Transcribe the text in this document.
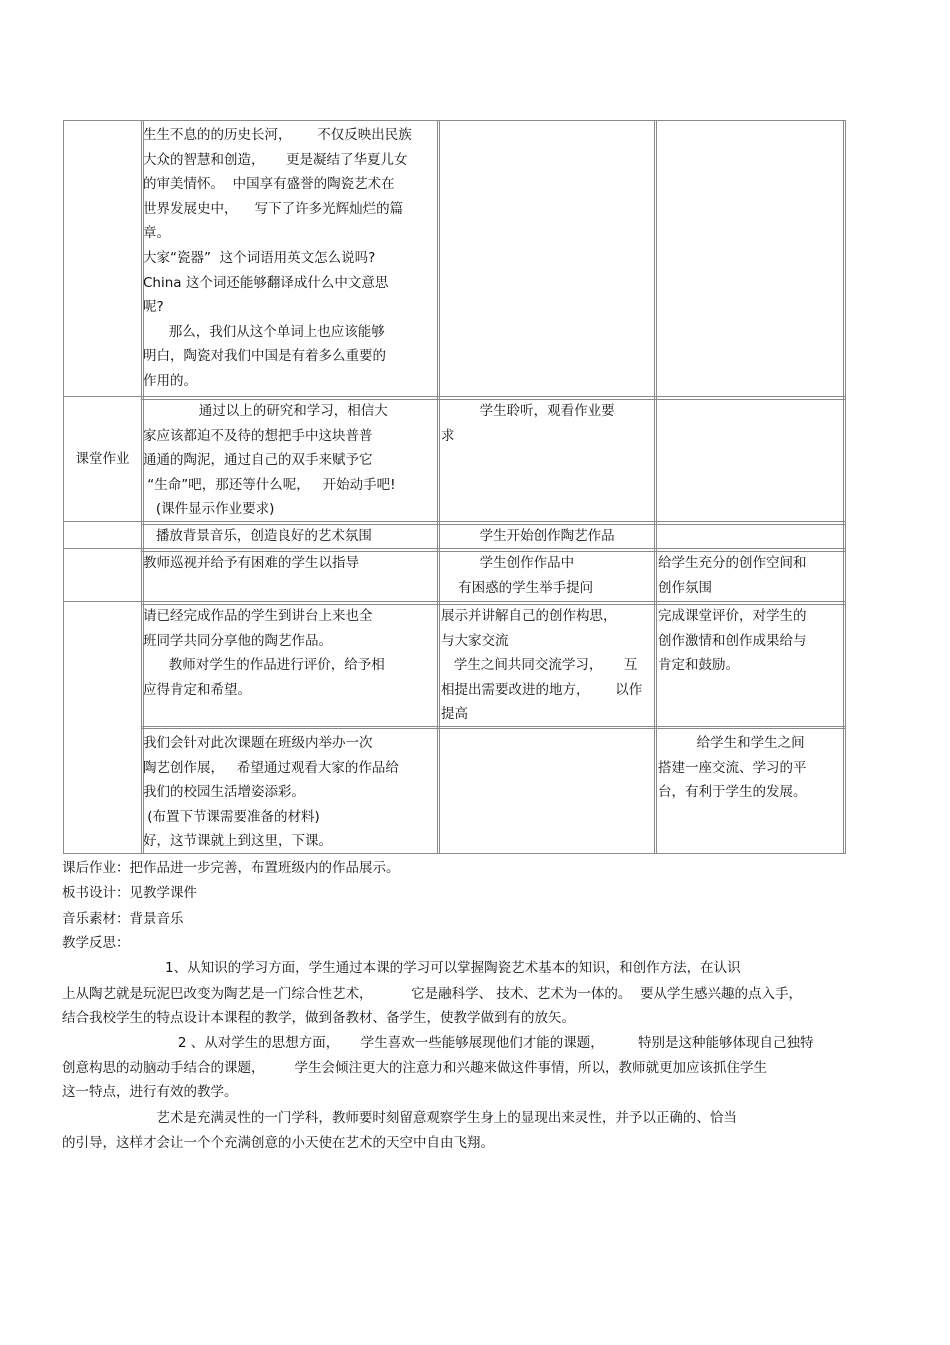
生生不息的的历史长河，      不仅反映出民族
大众的智慧和创造，     更是凝结了华夏儿女
的审美情怀。  中国享有盛誉的陶瓷艺术在
世界发展史中，    写下了许多光辉灿烂的篇
章。
大家“瓷器”  这个词语用英文怎么说吗?
China 这个词还能够翻译成什么中文意思
呢?
那么，我们从这个单词上也应该能够
明白，陶瓷对我们中国是有着多么重要的
作用的。
课堂作业
通过以上的研究和学习，相信大
家应该都迫不及待的想把手中这块普普
通通的陶泥，通过自己的双手来赋予它
“生命”吧，那还等什么呢，   开始动手吧!
(课件显示作业要求)
学生聆听，观看作业要
求
播放背景音乐，创造良好的艺术氛围	学生开始创作陶艺作品
教师巡视并给予有困难的学生以指导	学生创作作品中
有困惑的学生举手提问
给学生充分的创作空间和
创作氛围
请已经完成作品的学生到讲台上来也全
班同学共同分享他的陶艺作品。
教师对学生的作品进行评价，给予相
应得肯定和希望。
展示并讲解自己的创作构思，
与大家交流
学生之间共同交流学习，     互
相提出需要改进的地方，      以作
提高
完成课堂评价，对学生的
创作激情和创作成果给与
肯定和鼓励。
我们会针对此次课题在班级内举办一次
陶艺创作展，   希望通过观看大家的作品给
我们的校园生活增姿添彩。
(布置下节课需要准备的材料)
好，这节课就上到这里，下课。
给学生和学生之间
搭建一座交流、学习的平
台，有利于学生的发展。
课后作业：把作品进一步完善，布置班级内的作品展示。
板书设计：见教学课件
音乐素材：背景音乐
教学反思：
1、从知识的学习方面，学生通过本课的学习可以掌握陶瓷艺术基本的知识，和创作方法，在认识
上从陶艺就是玩泥巴改变为陶艺是一门综合性艺术，         它是融科学、 技术、艺术为一体的。  要从学生感兴趣的点入手，
结合我校学生的特点设计本课程的教学，做到备教材、备学生，使教学做到有的放矢。
2 、从对学生的思想方面，     学生喜欢一些能够展现他们才能的课题，        特别是这种能够体现自己独特
创意构思的动脑动手结合的课题，       学生会倾注更大的注意力和兴趣来做这件事情，所以，教师就更加应该抓住学生
这一特点，进行有效的教学。
艺术是充满灵性的一门学科，教师要时刻留意观察学生身上的显现出来灵性，并予以正确的、恰当
的引导，这样才会让一个个充满创意的小天使在艺术的天空中自由飞翔。
